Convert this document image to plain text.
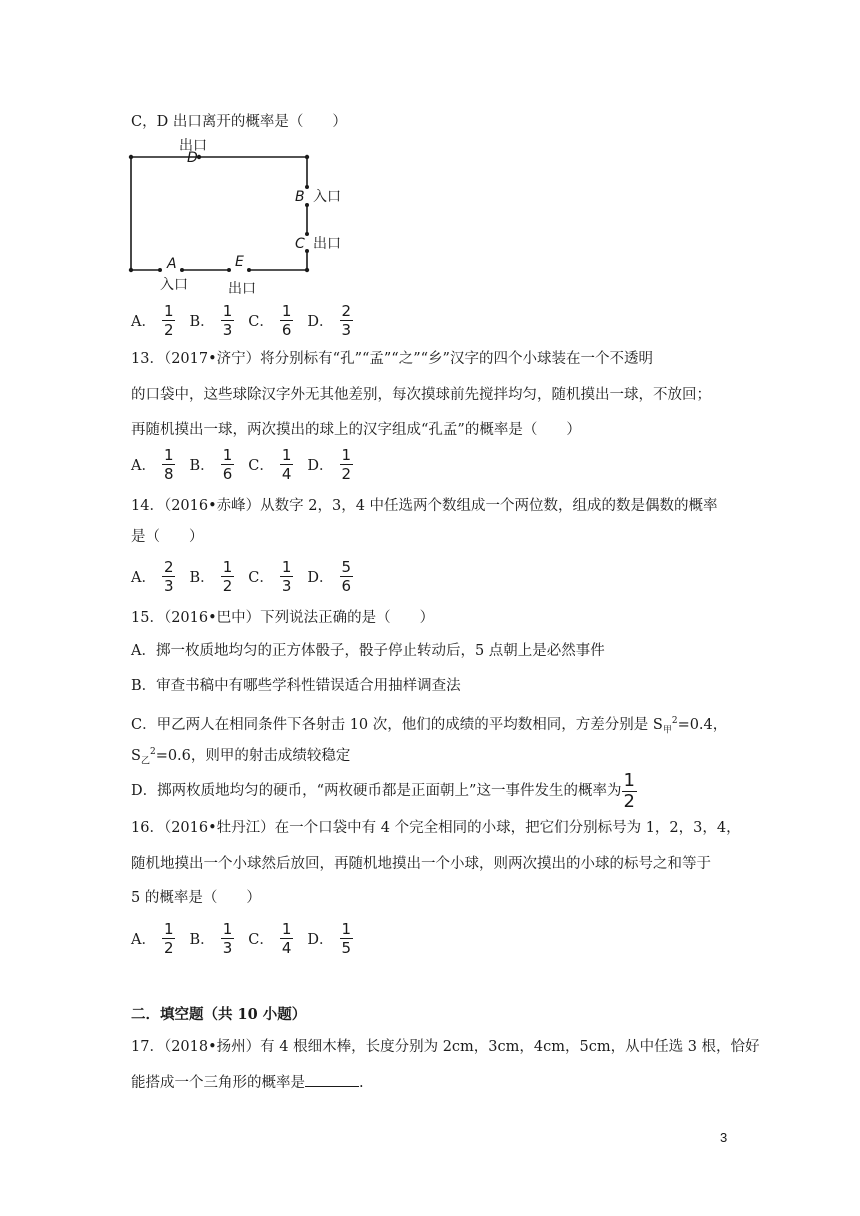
C，D 出口离开的概率是（　　）
出口
D
B 入口
C 出口
A
入口
E
出口
A． $\frac{1}{2}$ B． $\frac{1}{3}$ C． $\frac{1}{6}$ D． $\frac{2}{3}$
13．（2017•济宁）将分别标有“孔”“孟”“之”“乡”汉字的四个小球装在一个不透明
的口袋中，这些球除汉字外无其他差别，每次摸球前先搅拌均匀，随机摸出一球，不放回；
再随机摸出一球，两次摸出的球上的汉字组成“孔孟”的概率是（　　）
A． $\frac{1}{8}$ B． $\frac{1}{6}$ C． $\frac{1}{4}$ D． $\frac{1}{2}$
14．（2016•赤峰）从数字 2，3，4 中任选两个数组成一个两位数，组成的数是偶数的概率
是（　　）
A． $\frac{2}{3}$ B． $\frac{1}{2}$ C． $\frac{1}{3}$ D． $\frac{5}{6}$
15．（2016•巴中）下列说法正确的是（　　）
A．掷一枚质地均匀的正方体骰子，骰子停止转动后，5 点朝上是必然事件
B．审查书稿中有哪些学科性错误适合用抽样调查法
C．甲乙两人在相同条件下各射击 10 次，他们的成绩的平均数相同，方差分别是 $S_甲^2=0.4$，
$S_乙^2=0.6$，则甲的射击成绩较稳定
D．掷两枚质地均匀的硬币，“两枚硬币都是正面朝上”这一事件发生的概率为 $\frac{1}{2}$
16．（2016•牡丹江）在一个口袋中有 4 个完全相同的小球，把它们分别标号为 1，2，3，4，
随机地摸出一个小球然后放回，再随机地摸出一个小球，则两次摸出的小球的标号之和等于
5 的概率是（　　）
A． $\frac{1}{2}$ B． $\frac{1}{3}$ C． $\frac{1}{4}$ D． $\frac{1}{5}$
二．填空题（共 10 小题）
17．（2018•扬州）有 4 根细木棒，长度分别为 2cm，3cm，4cm，5cm，从中任选 3 根，恰好
能搭成一个三角形的概率是	.
3
